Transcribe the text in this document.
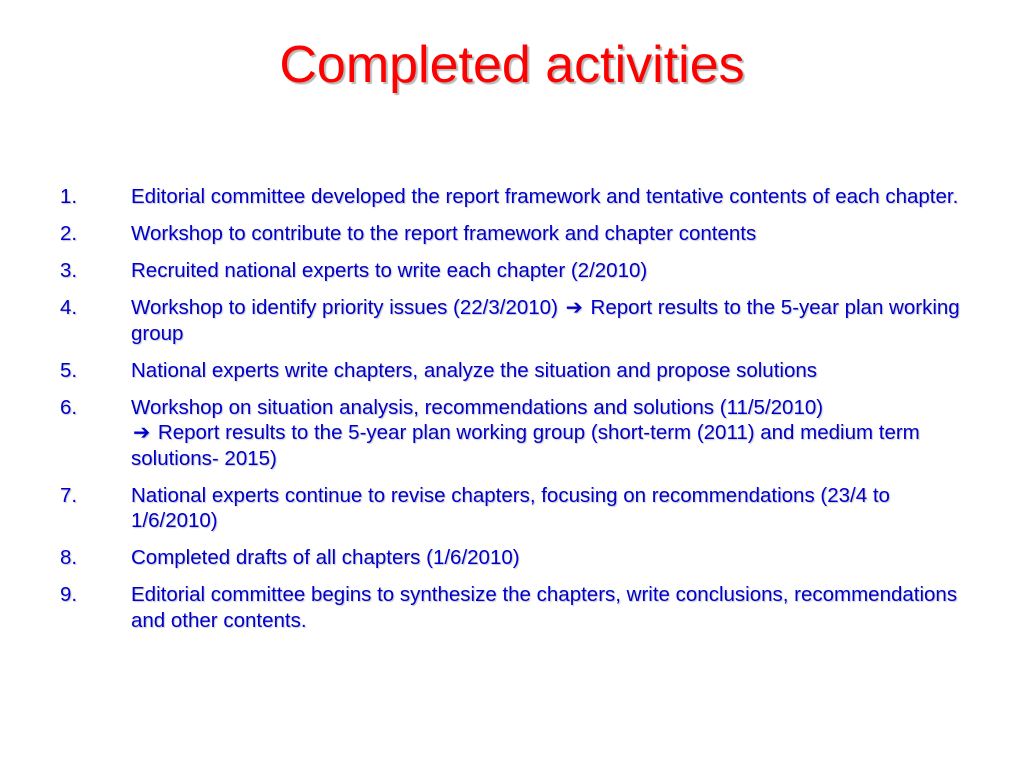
Completed activities
1.	Editorial committee developed the report framework and tentative contents of each chapter.
2.	Workshop to contribute to the report framework and chapter contents
3.	Recruited national experts to write each chapter (2/2010)
4.	Workshop to identify priority issues (22/3/2010) ➔ Report results to the 5-year plan working group
5.	National experts write chapters, analyze the situation and propose solutions
6.	Workshop on situation analysis, recommendations and solutions (11/5/2010)
➔ Report results to the 5-year plan working group (short-term (2011) and medium term solutions- 2015)
7.	National experts continue to revise chapters, focusing on recommendations (23/4 to 1/6/2010)
8.	Completed drafts of all chapters (1/6/2010)
9.	Editorial committee begins to synthesize the chapters, write conclusions, recommendations and other contents.
